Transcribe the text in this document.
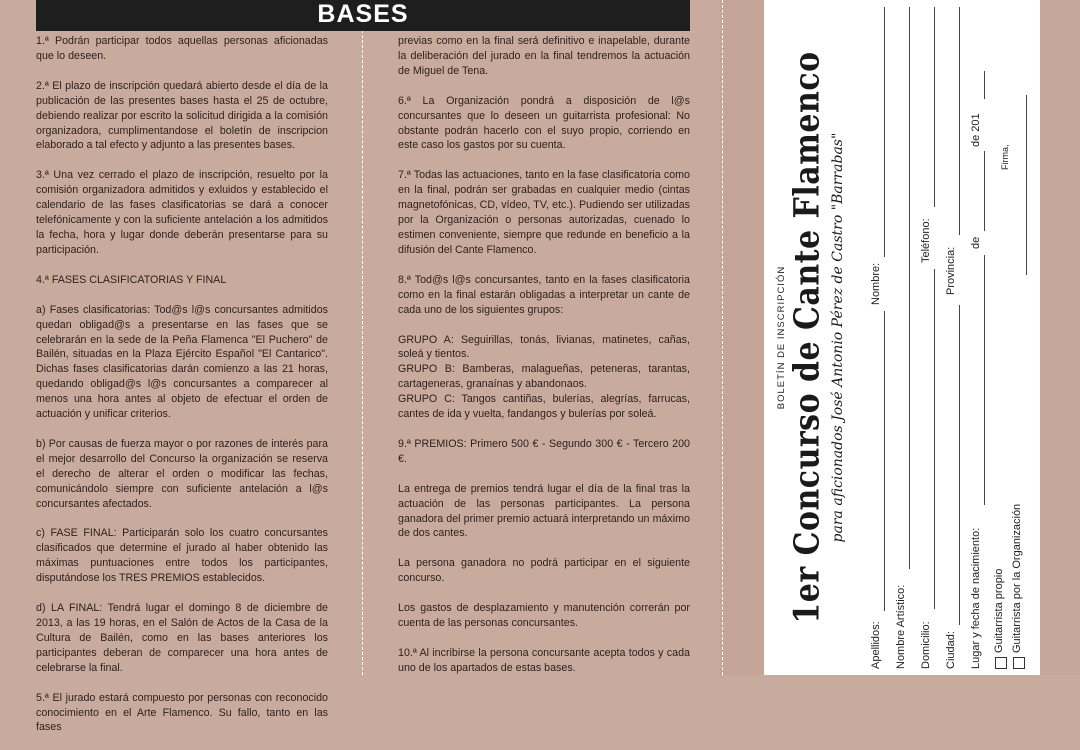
1.ª Podrán participar todos aquellas personas aficionadas que lo deseen.

2.ª El plazo de inscripción quedará abierto desde el día de la publicación de las presentes bases hasta el 25 de octubre, debiendo realizar por escrito la solicitud dirigida a la comisión organizadora, cumplimentandose el boletín de inscripcion elaborado a tal efecto y adjunto a las presentes bases.

3.ª Una vez cerrado el plazo de inscripción, resuelto por la comisión organizadora admitidos y exluidos y establecido el calendario de las fases clasificatorias se dará a conocer telefónicamente y con la suficiente antelación a los admitidos la fecha, hora y lugar donde deberán presentarse para su participación.

4.ª FASES CLASIFICATORIAS Y FINAL

a) Fases clasificatorias: Tod@s l@s concursantes admitidos quedan obligad@s a presentarse en las fases que se celebrarán en la sede de la Peña Flamenca "El Puchero" de Bailén, situadas en la Plaza Ejército Español "El Cantarico". Dichas fases clasificatorias darán comienzo a las 21 horas, quedando obligad@s l@s concursantes a comparecer al menos una hora antes al objeto de efectuar el orden de actuación y unificar criterios.

b) Por causas de fuerza mayor o por razones de interés para el mejor desarrollo del Concurso la organización se reserva el derecho de alterar el orden o modificar las fechas, comunicándolo siempre con suficiente antelación a l@s concursantes afectados.

c) FASE FINAL: Participarán solo los cuatro concursantes clasificados que determine el jurado al haber obtenido las máximas puntuaciones entre todos los participantes, disputándose los TRES PREMIOS establecidos.

d) LA FINAL: Tendrá lugar el domingo 8 de diciembre de 2013, a las 19 horas, en el Salón de Actos de la Casa de la Cultura de Bailén, como en las bases anteriores los participantes deberan de comparecer una hora antes de celebrarse la final.

5.ª El jurado estará compuesto por personas con reconocido conocimiento en el Arte Flamenco. Su fallo, tanto en las fases

previas como en la final será definitivo e inapelable, durante la deliberación del jurado en la final tendremos la actuación de Miguel de Tena.

6.ª La Organización pondrá a disposición de l@s concursantes que lo deseen un guitarrista profesional: No obstante podrán hacerlo con el suyo propio, corriendo en este caso los gastos por su cuenta.

7.ª Todas las actuaciones, tanto en la fase clasificatoria como en la final, podrán ser grabadas en cualquier medio (cintas magnetofónicas, CD, vídeo, TV, etc.). Pudiendo ser utilizadas por la Organización o personas autorizadas, cuenado lo estimen conveniente, siempre que redunde en beneficio a la difusión del Cante Flamenco.

8.ª Tod@s l@s concursantes, tanto en la fases clasificatoria como en la final estarán obligadas a interpretar un cante de cada uno de los siguientes grupos:

GRUPO A: Seguirillas, tonás, livianas, matinetes, cañas, soleá y tientos.

GRUPO B: Bamberas, malagueñas, peteneras, tarantas, cartageneras, granaínas y abandonaos.

GRUPO C: Tangos cantiñas, bulerías, alegrías, farrucas, cantes de ida y vuelta, fandangos y bulerías por soleá.

9.ª PREMIOS: Primero 500 € - Segundo 300 € - Tercero 200 €.

La entrega de premios tendrá lugar el día de la final tras la actuación de las personas participantes. La persona ganadora del primer premio actuará interpretando un máximo de dos cantes.

La persona ganadora no podrá participar en el siguiente concurso.

Los gastos de desplazamiento y manutención correrán por cuenta de las personas concursantes.

10.ª Al incribirse la persona concursante acepta todos y cada uno de los apartados de estas bases.

BASES
BOLETÍN DE INSCRIPCIÓN 1er Concurso de Cante Flamenco para aficionados José Antonio Pérez de Castro "Barrabas"
Apellidos:
Nombre:
Nombre Artístico: Domicilio:
Teléfono:
Ciudad:
Provincia:
Lugar y fecha de nacimiento:
de
de 201
Guitarrista propio Guitarrista por la Organización
Firma,
